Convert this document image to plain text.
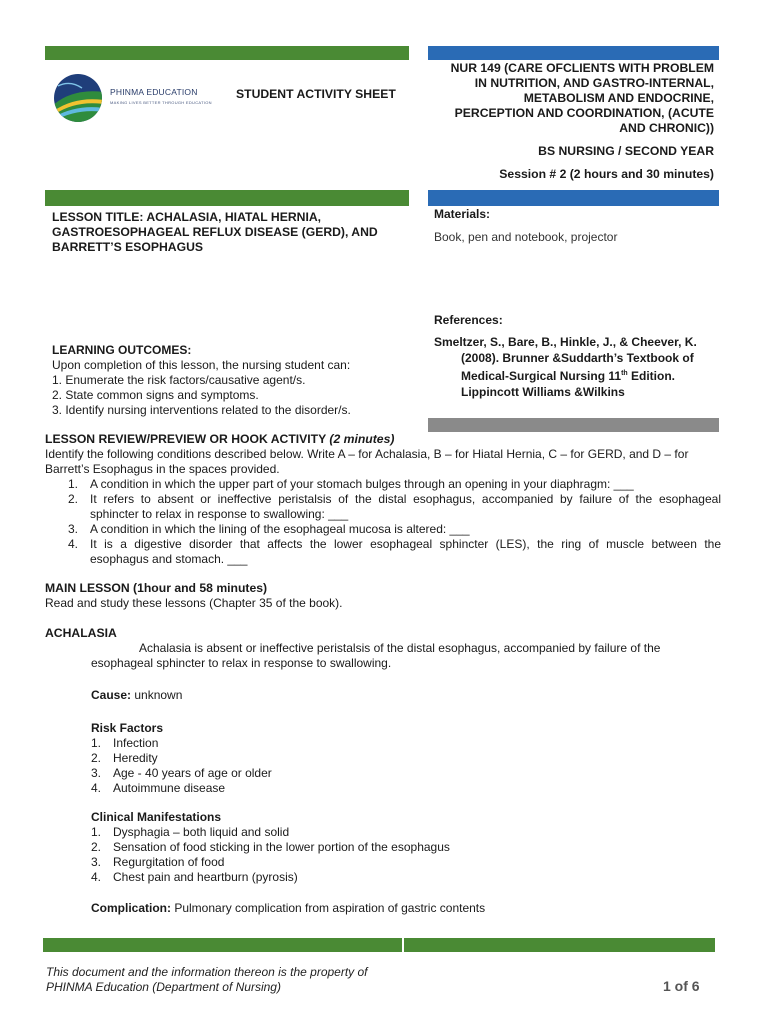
PHINMA EDUCATION
MAKING LIVES BETTER THROUGH EDUCATION
STUDENT ACTIVITY SHEET
NUR 149 (CARE OFCLIENTS WITH PROBLEM
IN NUTRITION, AND GASTRO-INTERNAL,
METABOLISM AND ENDOCRINE,
PERCEPTION AND COORDINATION, (ACUTE
AND CHRONIC))
BS NURSING / SECOND YEAR
Session # 2 (2 hours and 30 minutes)
LESSON TITLE: ACHALASIA, HIATAL HERNIA,
GASTROESOPHAGEAL REFLUX DISEASE (GERD), AND
BARRETT’S ESOPHAGUS
Materials:
Book, pen and notebook, projector
References:
Smeltzer, S., Bare, B., Hinkle, J., & Cheever, K.
(2008). Brunner &Suddarth’s Textbook of
Medical-Surgical Nursing 11th Edition.
Lippincott Williams &Wilkins
LEARNING OUTCOMES:
Upon completion of this lesson, the nursing student can:
1. Enumerate the risk factors/causative agent/s.
2. State common signs and symptoms.
3. Identify nursing interventions related to the disorder/s.
LESSON REVIEW/PREVIEW OR HOOK ACTIVITY (2 minutes)
Identify the following conditions described below. Write A – for Achalasia, B – for Hiatal Hernia, C – for GERD, and D – for
Barrett’s Esophagus in the spaces provided.
1. A condition in which the upper part of your stomach bulges through an opening in your diaphragm: ___
2. It refers to absent or ineffective peristalsis of the distal esophagus, accompanied by failure of the esophageal
sphincter to relax in response to swallowing: ___
3. A condition in which the lining of the esophageal mucosa is altered: ___
4. It is a digestive disorder that affects the lower esophageal sphincter (LES), the ring of muscle between the
esophagus and stomach. ___
MAIN LESSON (1hour and 58 minutes)
Read and study these lessons (Chapter 35 of the book).
ACHALASIA
Achalasia is absent or ineffective peristalsis of the distal esophagus, accompanied by failure of the
esophageal sphincter to relax in response to swallowing.
Cause: unknown
Risk Factors
1. Infection
2. Heredity
3. Age - 40 years of age or older
4. Autoimmune disease
Clinical Manifestations
1. Dysphagia – both liquid and solid
2. Sensation of food sticking in the lower portion of the esophagus
3. Regurgitation of food
4. Chest pain and heartburn (pyrosis)
Complication: Pulmonary complication from aspiration of gastric contents
This document and the information thereon is the property of
PHINMA Education (Department of Nursing)	1 of 6
